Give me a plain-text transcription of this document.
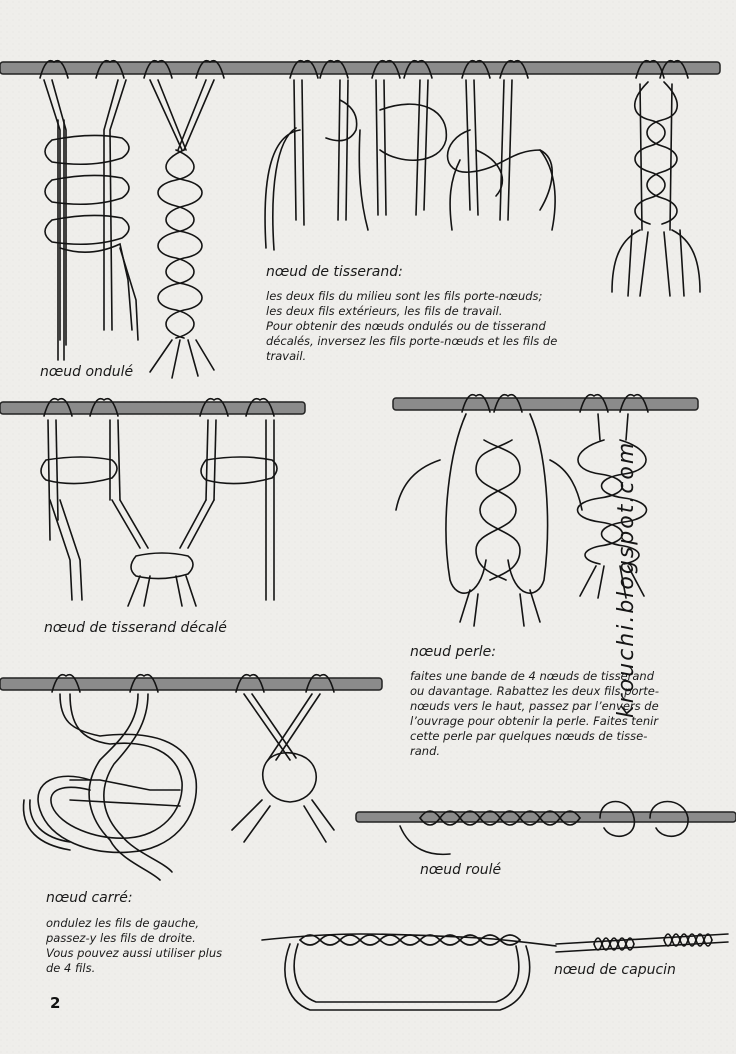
nœud ondulé
nœud de tisserand:
les deux fils du milieu sont les fils porte-nœuds;
les deux fils extérieurs, les fils de travail.
Pour obtenir des nœuds ondulés ou de tisserand
décalés, inversez les fils porte-nœuds et les fils de
travail.
nœud de tisserand décalé
nœud perle:
faites une bande de 4 nœuds de tisserand
ou davantage. Rabattez les deux fils porte-
nœuds vers le haut, passez par l’envers de
l’ouvrage pour obtenir la perle. Faites tenir
cette perle par quelques nœuds de tisse-
rand.
nœud roulé
nœud carré:
ondulez les fils de gauche,
passez-y les fils de droite.
Vous pouvez aussi utiliser plus
de 4 fils.	nœud de capucin
krouchi.blogspot.com
2
